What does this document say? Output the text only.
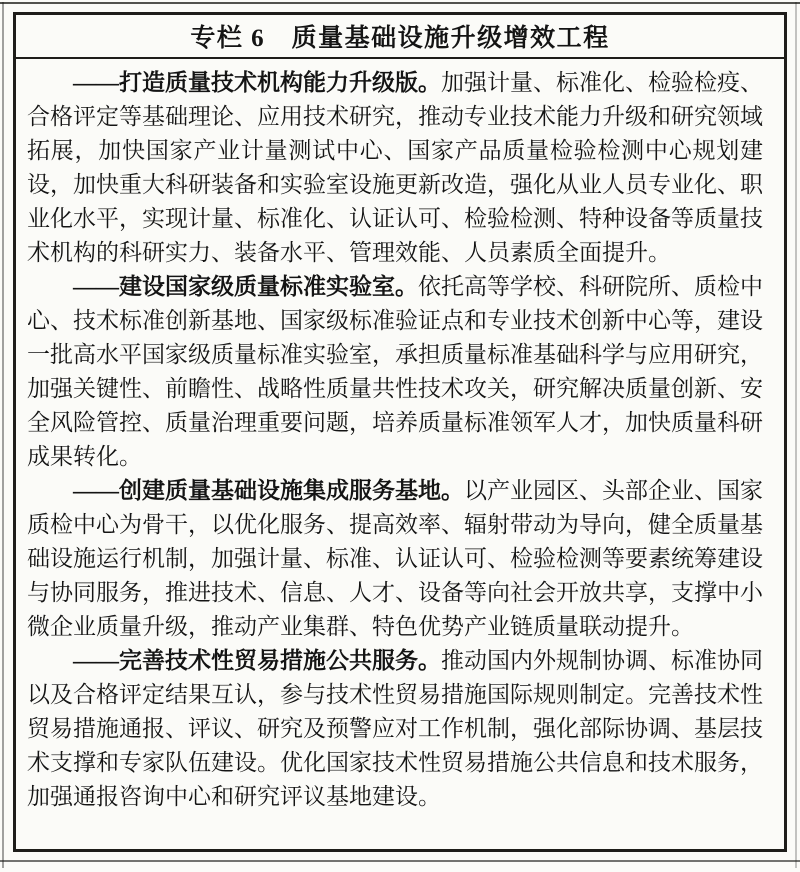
专栏 6　质量基础设施升级增效工程

——打造质量技术机构能力升级版。加强计量、标准化、检验检疫、合格评定等基础理论、应用技术研究，推动专业技术能力升级和研究领域拓展，加快国家产业计量测试中心、国家产品质量检验检测中心规划建设，加快重大科研装备和实验室设施更新改造，强化从业人员专业化、职业化水平，实现计量、标准化、认证认可、检验检测、特种设备等质量技术机构的科研实力、装备水平、管理效能、人员素质全面提升。

——建设国家级质量标准实验室。依托高等学校、科研院所、质检中心、技术标准创新基地、国家级标准验证点和专业技术创新中心等，建设一批高水平国家级质量标准实验室，承担质量标准基础科学与应用研究，加强关键性、前瞻性、战略性质量共性技术攻关，研究解决质量创新、安全风险管控、质量治理重要问题，培养质量标准领军人才，加快质量科研成果转化。

——创建质量基础设施集成服务基地。以产业园区、头部企业、国家质检中心为骨干，以优化服务、提高效率、辐射带动为导向，健全质量基础设施运行机制，加强计量、标准、认证认可、检验检测等要素统筹建设与协同服务，推进技术、信息、人才、设备等向社会开放共享，支撑中小微企业质量升级，推动产业集群、特色优势产业链质量联动提升。

——完善技术性贸易措施公共服务。推动国内外规制协调、标准协同以及合格评定结果互认，参与技术性贸易措施国际规则制定。完善技术性贸易措施通报、评议、研究及预警应对工作机制，强化部际协调、基层技术支撑和专家队伍建设。优化国家技术性贸易措施公共信息和技术服务，加强通报咨询中心和研究评议基地建设。
